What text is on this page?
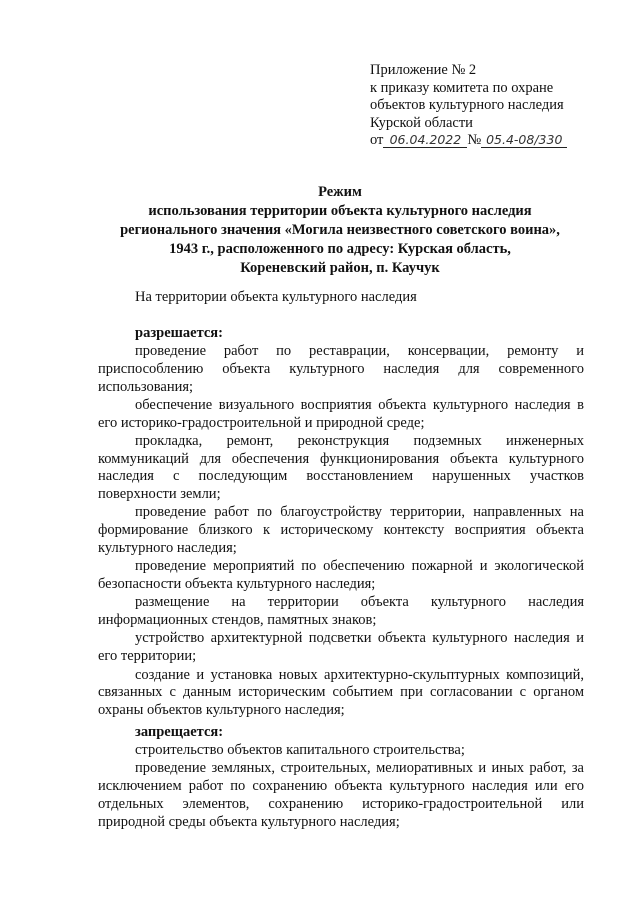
Приложение № 2
к приказу комитета по охране
объектов культурного наследия
Курской области
от 06.04.2022 № 05.4-08/330
Режим
использования территории объекта культурного наследия
регионального значения «Могила неизвестного советского воина»,
1943 г., расположенного по адресу: Курская область,
Кореневский район, п. Каучук
На территории объекта культурного наследия
разрешается:
проведение работ по реставрации, консервации, ремонту и приспособлению объекта культурного наследия для современного использования;
обеспечение визуального восприятия объекта культурного наследия в его историко-градостроительной и природной среде;
прокладка, ремонт, реконструкция подземных инженерных коммуникаций для обеспечения функционирования объекта культурного наследия с последующим восстановлением нарушенных участков поверхности земли;
проведение работ по благоустройству территории, направленных на формирование близкого к историческому контексту восприятия объекта культурного наследия;
проведение мероприятий по обеспечению пожарной и экологической безопасности объекта культурного наследия;
размещение на территории объекта культурного наследия информационных стендов, памятных знаков;
устройство архитектурной подсветки объекта культурного наследия и его территории;
создание и установка новых архитектурно-скульптурных композиций, связанных с данным историческим событием при согласовании с органом охраны объектов культурного наследия;
запрещается:
строительство объектов капитального строительства;
проведение земляных, строительных, мелиоративных и иных работ, за исключением работ по сохранению объекта культурного наследия или его отдельных элементов, сохранению историко-градостроительной или природной среды объекта культурного наследия;
